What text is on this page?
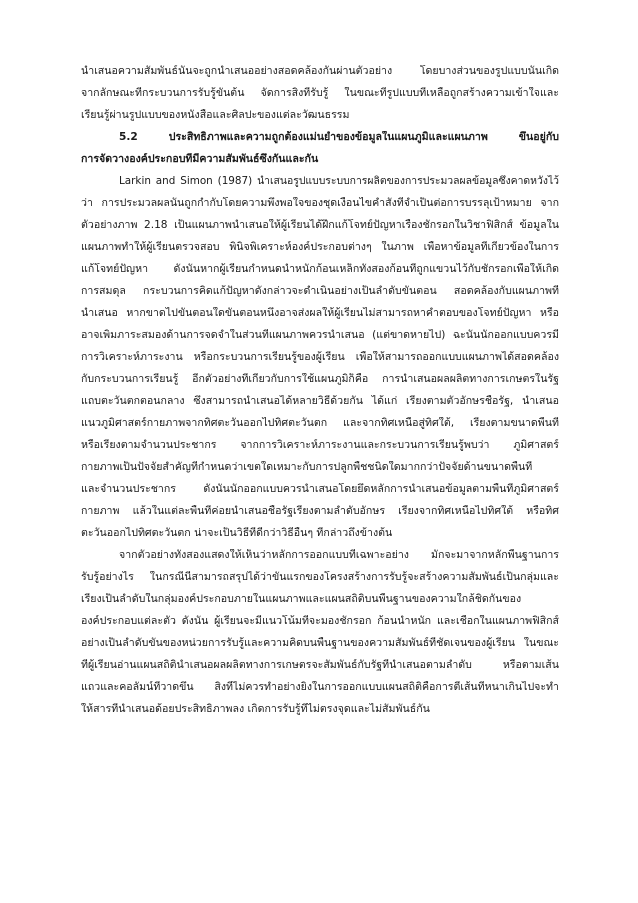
นำเสนอความสัมพันธ์นั้นจะถูกนำเสนออย่างสอดคล้องกันผ่านตัวอย่าง โดยบางส่วนของรูปแบบนั้นเกิด
จากลักษณะที่กระบวนการรับรู้ขั้นต้น จัดการสิ่งที่รับรู้ ในขณะที่รูปแบบที่เหลือถูกสร้างความเข้าใจและ
เรียนรู้ผ่านรูปแบบของหนังสือและศิลปะของแต่ละวัฒนธรรม
5.2 ประสิทธิภาพและความถูกต้องแม่นยำของข้อมูลในแผนภูมิและแผนภาพ ขึ้นอยู่กับ
การจัดวางองค์ประกอบที่มีความสัมพันธ์ซึ่งกันและกัน
Larkin and Simon (1987) นำเสนอรูปแบบระบบการผลิตของการประมวลผลข้อมูลซึ่งคาดหวังไว้
ว่า การประมวลผลนั้นถูกกำกับโดยความพึงพอใจของชุดเงื่อนไขคำสั่งที่จำเป็นต่อการบรรลุเป้าหมาย จาก
ตัวอย่างภาพ 2.18 เป็นแผนภาพนำเสนอให้ผู้เรียนได้ฝึกแก้โจทย์ปัญหาเรื่องชักรอกในวิชาฟิสิกส์ ข้อมูลใน
แผนภาพทำให้ผู้เรียนตรวจสอบ พินิจพิเคราะห์องค์ประกอบต่างๆ ในภาพ เพื่อหาข้อมูลที่เกี่ยวข้องในการ
แก้โจทย์ปัญหา ดังนั้นหากผู้เรียนกำหนดน้ำหนักก้อนเหล็กทั้งสองก้อนที่ถูกแขวนไว้กับชักรอกเพื่อให้เกิด
การสมดุล กระบวนการคิดแก้ปัญหาดังกล่าวจะดำเนินอย่างเป็นลำดับขั้นตอน สอดคล้องกับแผนภาพที่
นำเสนอ หากขาดไปขั้นตอนใดขั้นตอนหนึ่งอาจส่งผลให้ผู้เรียนไม่สามารถหาคำตอบของโจทย์ปัญหา หรือ
อาจเพิ่มภาระสมองด้านการจดจำในส่วนที่แผนภาพควรนำเสนอ (แต่ขาดหายไป) ฉะนั้นนักออกแบบควรมี
การวิเคราะห์ภาระงาน หรือกระบวนการเรียนรู้ของผู้เรียน เพื่อให้สามารถออกแบบแผนภาพได้สอดคล้อง
กับกระบวนการเรียนรู้ อีกตัวอย่างที่เกี่ยวกับการใช้แผนภูมิก็คือ การนำเสนอผลผลิตทางการเกษตรในรัฐ
แถบตะวันตกตอนกลาง ซึ่งสามารถนำเสนอได้หลายวิธีด้วยกัน ได้แก่ เรียงตามตัวอักษรชื่อรัฐ, นำเสนอ
แนวภูมิศาสตร์กายภาพจากทิศตะวันออกไปทิศตะวันตก และจากทิศเหนือสู่ทิศใต้, เรียงตามขนาดพื้นที่
หรือเรียงตามจำนวนประชากร จากการวิเคราะห์ภาระงานและกระบวนการเรียนรู้พบว่า ภูมิศาสตร์
กายภาพเป็นปัจจัยสำคัญที่กำหนดว่าเขตใดเหมาะกับการปลูกพืชชนิดใดมากกว่าปัจจัยด้านขนาดพื้นที่
และจำนวนประชากร ดังนั้นนักออกแบบควรนำเสนอโดยยึดหลักการนำเสนอข้อมูลตามพื้นที่ภูมิศาสตร์
กายภาพ แล้วในแต่ละพื้นที่ค่อยนำเสนอชื่อรัฐเรียงตามลำดับอักษร เรียงจากทิศเหนือไปทิศใต้ หรือทิศ
ตะวันออกไปทิศตะวันตก น่าจะเป็นวิธีที่ดีกว่าวิธีอื่นๆ ที่กล่าวถึงข้างต้น
จากตัวอย่างทั้งสองแสดงให้เห็นว่าหลักการออกแบบที่เฉพาะอย่าง มักจะมาจากหลักพื้นฐานการ
รับรู้อย่างไร ในกรณีนี้สามารถสรุปได้ว่าขั้นแรกของโครงสร้างการรับรู้จะสร้างความสัมพันธ์เป็นกลุ่มและ
เรียงเป็นลำดับในกลุ่มองค์ประกอบภายในแผนภาพและแผนสถิติบนพื้นฐานของความใกล้ชิดกันของ
องค์ประกอบแต่ละตัว ดังนั้น ผู้เรียนจะมีแนวโน้มที่จะมองชักรอก ก้อนน้ำหนัก และเชือกในแผนภาพฟิสิกส์
อย่างเป็นลำดับขั้นของหน่วยการรับรู้และความคิดบนพื้นฐานของความสัมพันธ์ที่ชัดเจนของผู้เรียน ในขณะ
ที่ผู้เรียนอ่านแผนสถิตินำเสนอผลผลิตทางการเกษตรจะสัมพันธ์กับรัฐที่นำเสนอตามลำดับ หรือตามเส้น
แถวและคอลัมน์ที่วาดขึ้น สิ่งที่ไม่ควรทำอย่างยิ่งในการออกแบบแผนสถิติคือการตีเส้นที่หนาเกินไปจะทำ
ให้สารที่นำเสนอด้อยประสิทธิภาพลง เกิดการรับรู้ที่ไม่ตรงจุดและไม่สัมพันธ์กัน
